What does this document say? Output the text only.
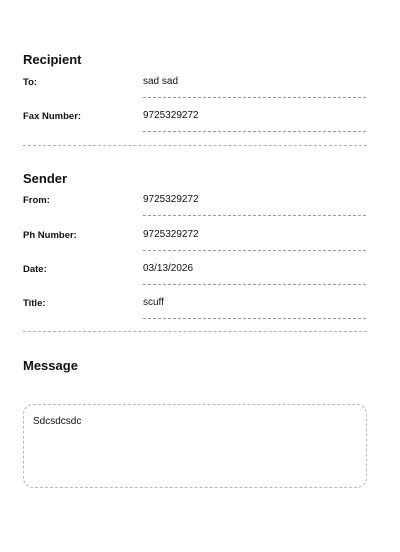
Recipient
To:	sad sad
Fax Number:	9725329272
Sender
From:	9725329272
Ph Number:	9725329272
Date:	03/13/2026
Title:	scuff
Message
Sdcsdcsdc
